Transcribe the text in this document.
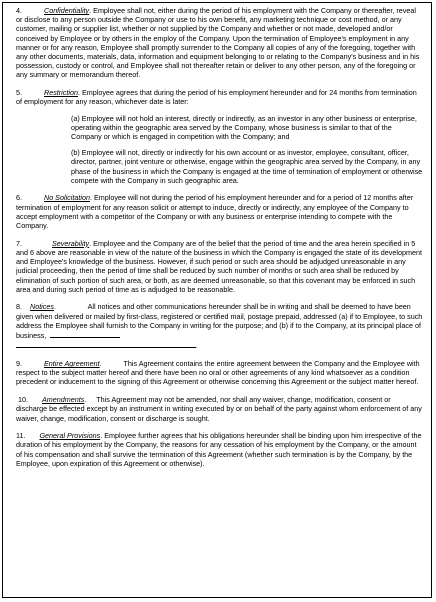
4.	Confidentiality. Employee shall not, either during the period of his employment with the Company or thereafter, reveal or disclose to any person outside the Company or use to his own benefit, any marketing technique or cost method, or any customer, mailing or supplier list, whether or not supplied by the Company and whether or not made, developed and/or conceived by Employee or by others in the employ of the Company. Upon the termination of Employee's employment in any manner or for any reason, Employee shall promptly surrender to the Company all copies of any of the foregoing, together with any other documents, materials, data, information and equipment belonging to or relating to the Company's business and in his possession, custody or control, and Employee shall not thereafter retain or deliver to any other person, any of the foregoing or any summary or memorandum thereof.

5.	Restriction. Employee agrees that during the period of his employment hereunder and for 24 months from termination of employment for any reason, whichever date is later:

(a) Employee will not hold an interest, directly or indirectly, as an investor in any other business or enterprise, operating within the geographic area served by the Company, whose business is similar to that of the Company or which is engaged in competition with the Company; and

(b) Employee will not, directly or indirectly for his own account or as investor, employee, consultant, officer, director, partner, joint venture or otherwise, engage within the geographic area served by the Company, in any phase of the business in which the Company is engaged at the time of termination of employment or otherwise compete with the Company in such geographic area.

6.	No Solicitation. Employee will not during the period of his employment hereunder and for a period of 12 months after termination of employment for any reason solicit or attempt to induce, directly or indirectly, any employee of the Company to accept employment with a competitor of the Company or with any business or enterprise intending to compete with the Company.

7.	Severability. Employee and the Company are of the belief that the period of time and the area herein specified in 5 and 6 above are reasonable in view of the nature of the business in which the Company is engaged the state of its development and Employee's knowledge of the business. However, if such period or such area should be adjudged unreasonable in any judicial proceeding, then the period of time shall be reduced by such number of months or such area shall be reduced by elimination of such portion of such area, or both, as are deemed unreasonable, so that this covenant may be enforced in such area and during such period of time as is adjudged to be reasonable.

8. Notices.	All notices and other communications hereunder shall be in writing and shall be deemed to have been given when delivered or mailed by first-class, registered or certified mail, postage prepaid, addressed (a) if to Employee, to such address the Employee shall furnish to the Company in writing for the purpose; and (b) if to the Company, at its principal place of business,
.

9.	Entire Agreement.	This Agreement contains the entire agreement between the Company and the Employee with respect to the subject matter hereof and there have been no oral or other agreements of any kind whatsoever as a condition precedent or inducement to the signing of this Agreement or otherwise concerning this Agreement or the subject matter hereof.

10. Amendments. This Agreement may not be amended, nor shall any waiver, change, modification, consent or discharge be effected except by an instrument in writing executed by or on behalf of the party against whom enforcement of any waiver, change, modification, consent or discharge is sought.

11. General Provisions. Employee further agrees that his obligations hereunder shall be binding upon him irrespective of the duration of his employment by the Company, the reasons for any cessation of his employment by the Company, or the amount of his compensation and shall survive the termination of this Agreement (whether such termination is by the Company, by the Employee, upon expiration of this Agreement or otherwise).
